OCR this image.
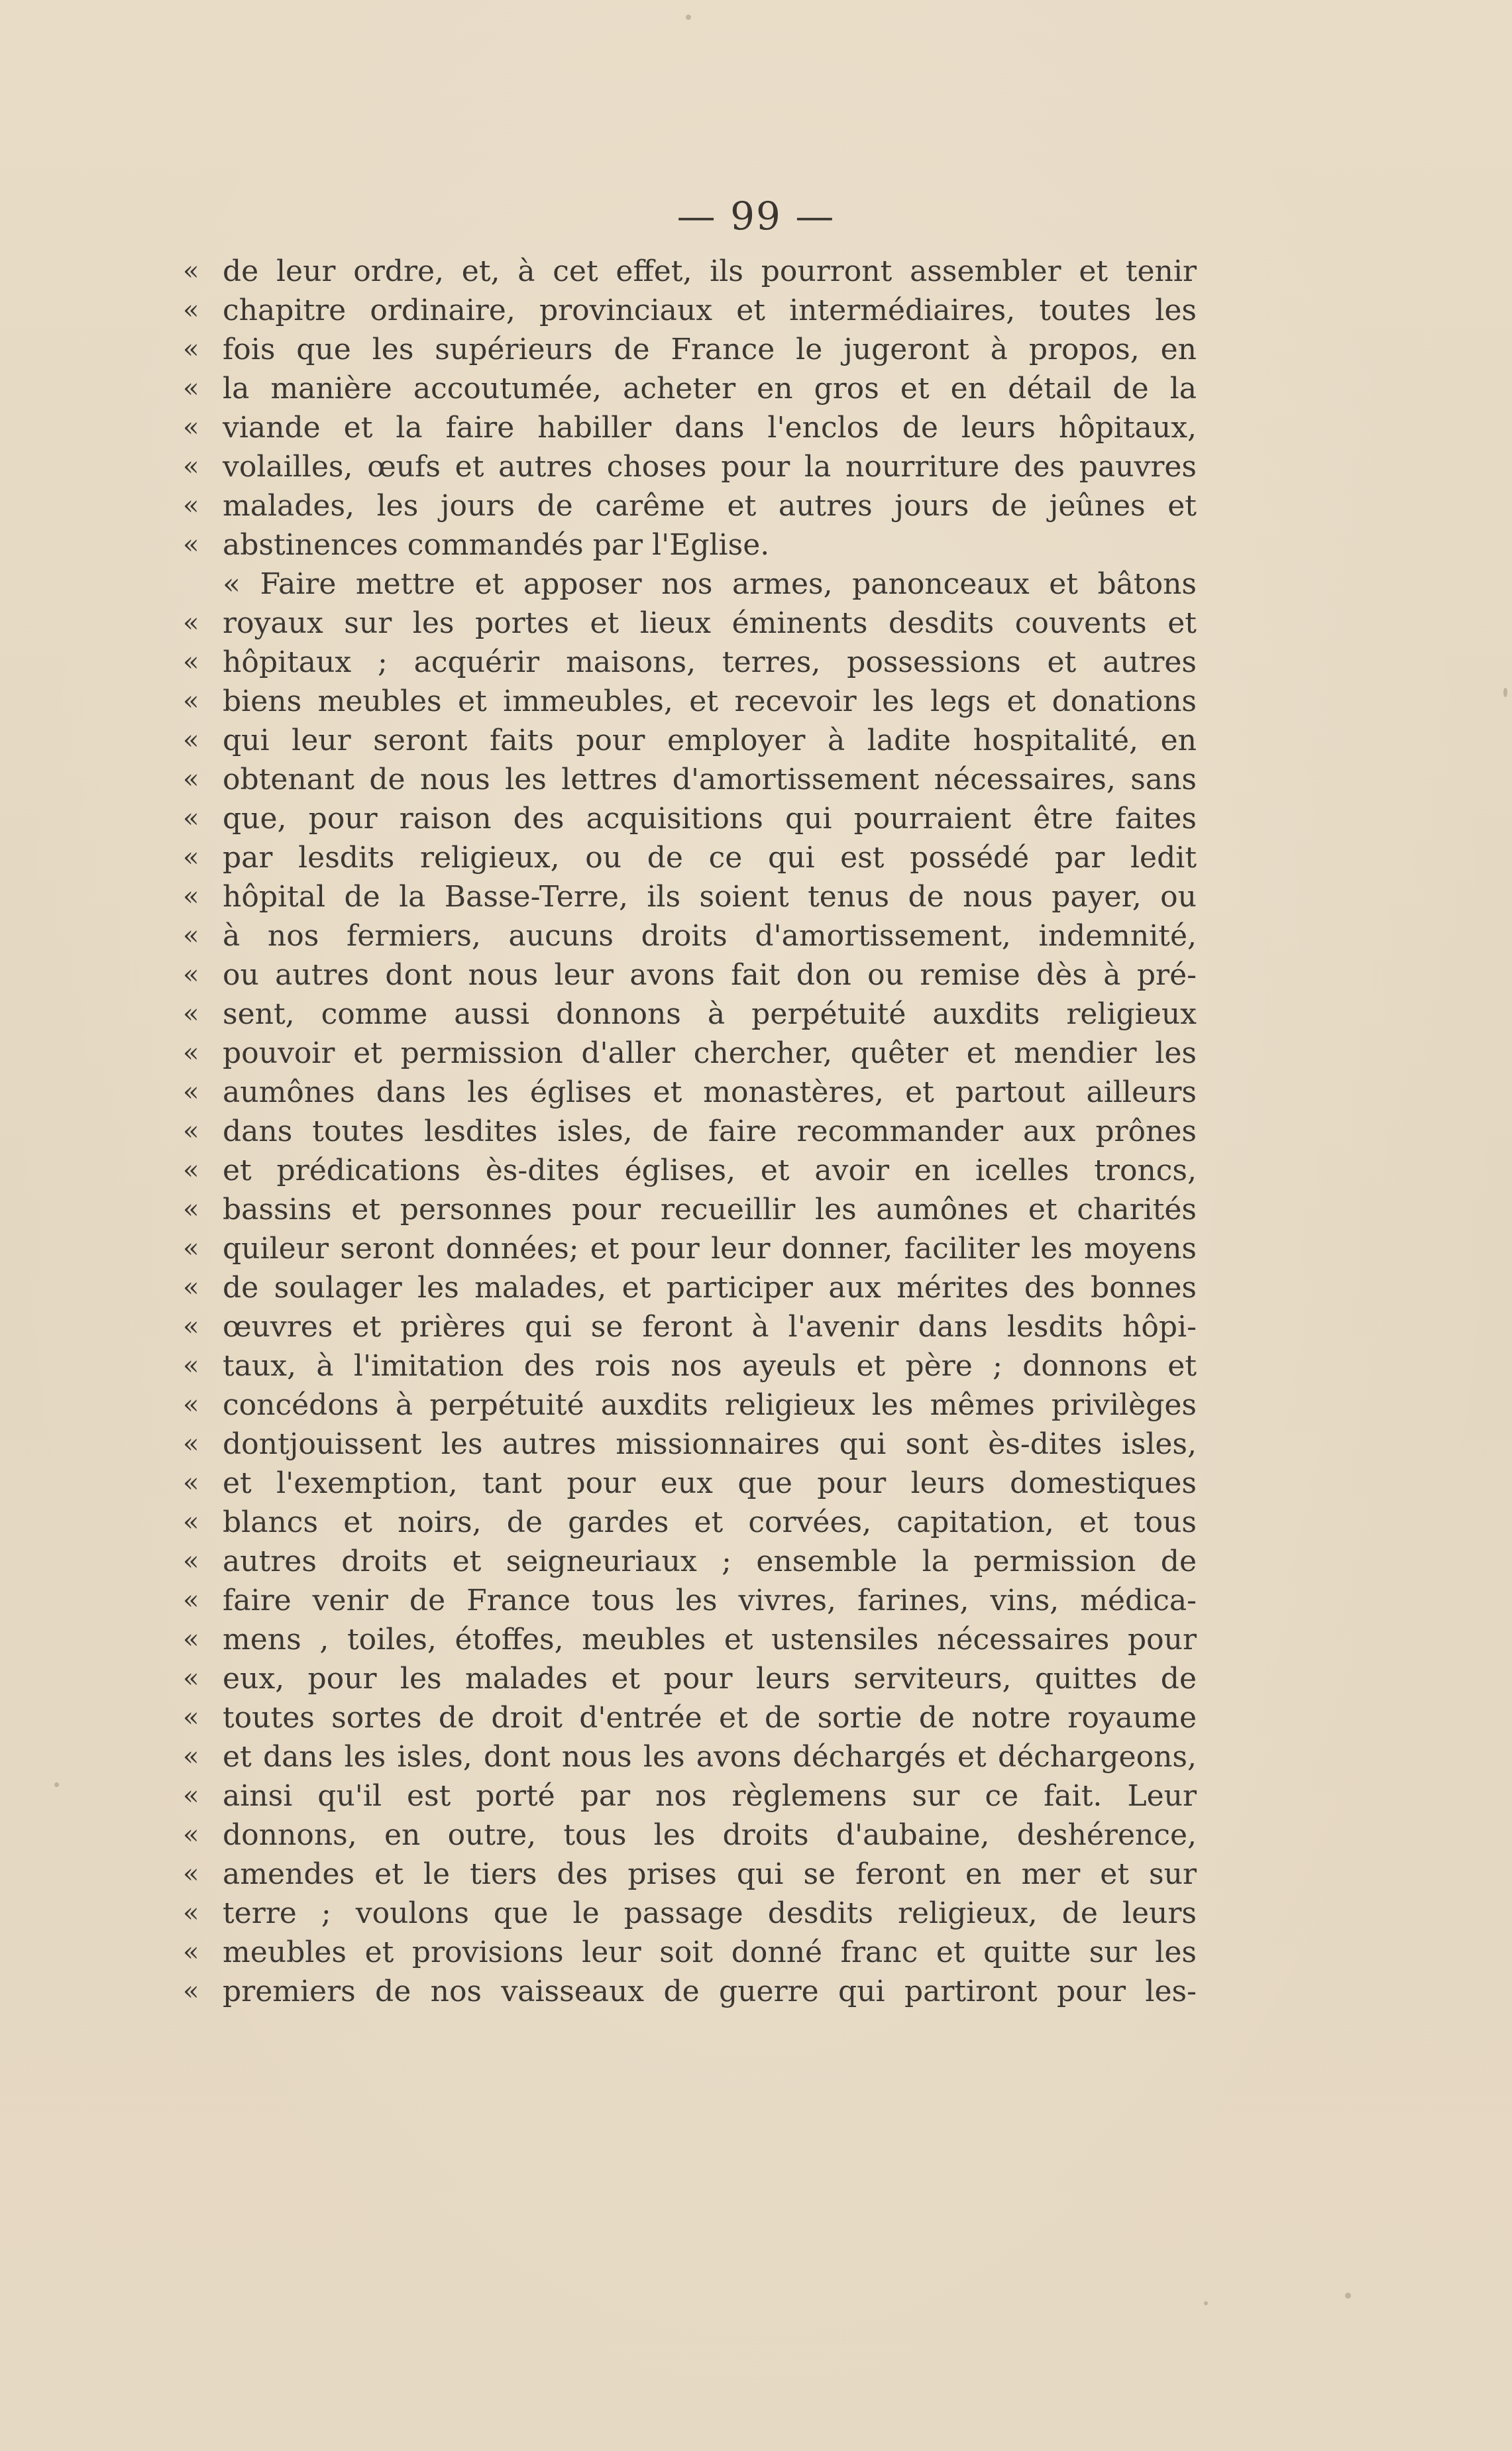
— 99 —
« de leur ordre, et, à cet effet, ils pourront assembler et tenir
« chapitre ordinaire, provinciaux et intermédiaires, toutes les
« fois que les supérieurs de France le jugeront à propos, en
« la manière accoutumée, acheter en gros et en détail de la
« viande et la faire habiller dans l'enclos de leurs hôpitaux,
« volailles, œufs et autres choses pour la nourriture des pauvres
« malades, les jours de carême et autres jours de jeûnes et
« abstinences commandés par l'Eglise.
« Faire mettre et apposer nos armes, panonceaux et bâtons
« royaux sur les portes et lieux éminents desdits couvents et
« hôpitaux ; acquérir maisons, terres, possessions et autres
« biens meubles et immeubles, et recevoir les legs et donations
« qui leur seront faits pour employer à ladite hospitalité, en
« obtenant de nous les lettres d'amortissement nécessaires, sans
« que, pour raison des acquisitions qui pourraient être faites
« par lesdits religieux, ou de ce qui est possédé par ledit
« hôpital de la Basse-Terre, ils soient tenus de nous payer, ou
« à nos fermiers, aucuns droits d'amortissement, indemnité,
« ou autres dont nous leur avons fait don ou remise dès à pré-
« sent, comme aussi donnons à perpétuité auxdits religieux
« pouvoir et permission d'aller chercher, quêter et mendier les
« aumônes dans les églises et monastères, et partout ailleurs
« dans toutes lesdites isles, de faire recommander aux prônes
« et prédications ès-dites églises, et avoir en icelles troncs,
« bassins et personnes pour recueillir les aumônes et charités
« quileur seront données; et pour leur donner, faciliter les moyens
« de soulager les malades, et participer aux mérites des bonnes
« œuvres et prières qui se feront à l'avenir dans lesdits hôpi-
« taux, à l'imitation des rois nos ayeuls et père ; donnons et
« concédons à perpétuité auxdits religieux les mêmes privilèges
« dontjouissent les autres missionnaires qui sont ès-dites isles,
« et l'exemption, tant pour eux que pour leurs domestiques
« blancs et noirs, de gardes et corvées, capitation, et tous
« autres droits et seigneuriaux ; ensemble la permission de
« faire venir de France tous les vivres, farines, vins, médica-
« mens , toiles, étoffes, meubles et ustensiles nécessaires pour
« eux, pour les malades et pour leurs serviteurs, quittes de
« toutes sortes de droit d'entrée et de sortie de notre royaume
« et dans les isles, dont nous les avons déchargés et déchargeons,
« ainsi qu'il est porté par nos règlemens sur ce fait. Leur
« donnons, en outre, tous les droits d'aubaine, deshérence,
« amendes et le tiers des prises qui se feront en mer et sur
« terre ; voulons que le passage desdits religieux, de leurs
« meubles et provisions leur soit donné franc et quitte sur les
« premiers de nos vaisseaux de guerre qui partiront pour les-
